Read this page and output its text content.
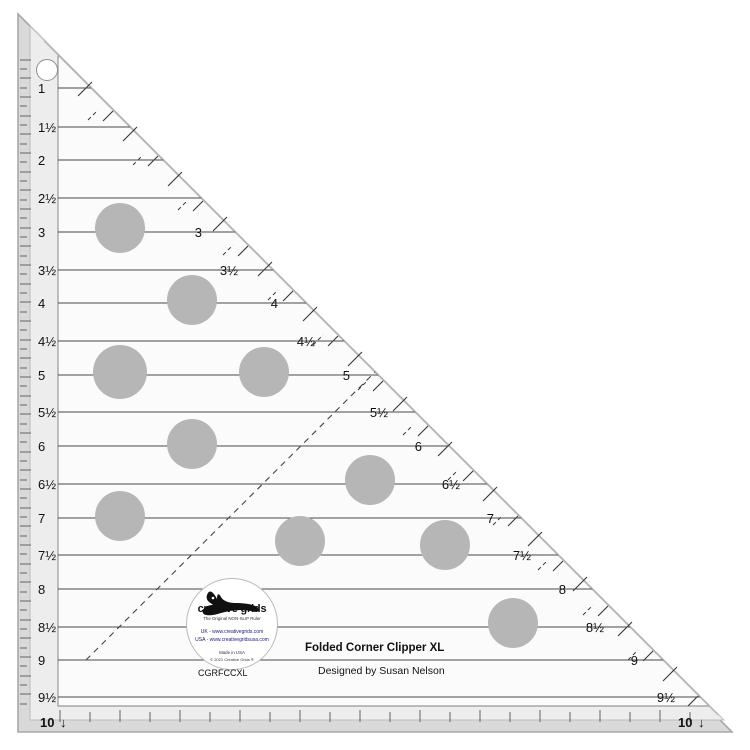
1
1½
2
2½
3
3½
4
4½
5
5½
6
6½
7
7½
8
8½
9
9½
3
3½
4
4½
5
5½
6
6½
7
7½
8
8½
9
9½
10 ↓	10 ↓
creative grids
The Original NON-SLIP Ruler
UK - www.creativegrids.com
USA - www.creativegridsusa.com
Made in USA
© 2021 Creative Grids ®
Folded Corner Clipper XL
Designed by Susan Nelson
CGRFCCXL
